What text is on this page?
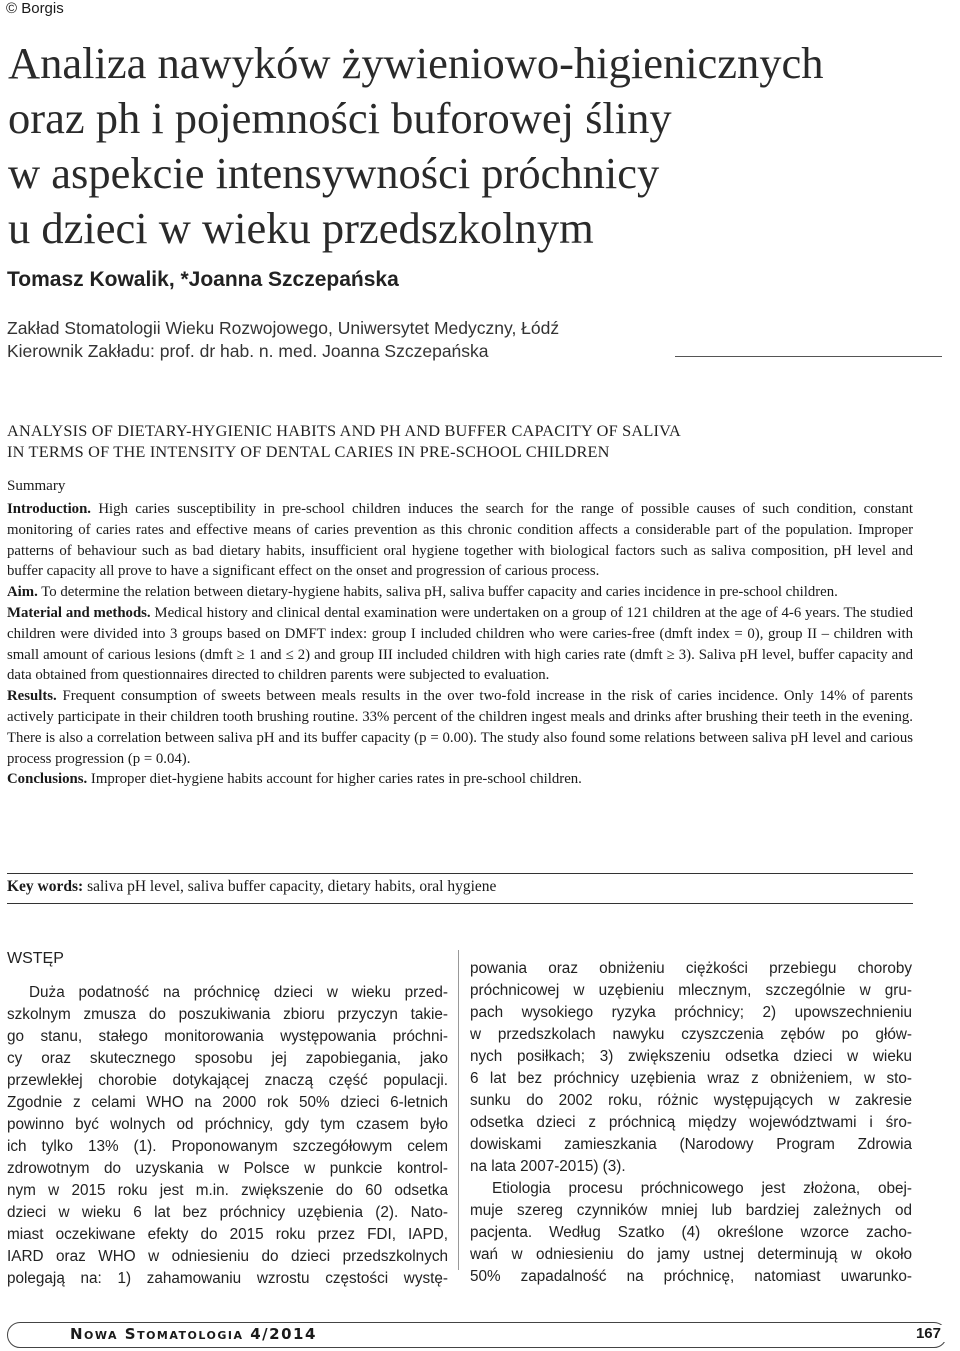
© Borgis
Analiza nawyków żywieniowo-higienicznych
oraz ph i pojemności buforowej śliny
w aspekcie intensywności próchnicy
u dzieci w wieku przedszkolnym
Tomasz Kowalik, *Joanna Szczepańska
Zakład Stomatologii Wieku Rozwojowego, Uniwersytet Medyczny, Łódź
Kierownik Zakładu: prof. dr hab. n. med. Joanna Szczepańska
ANALYSIS OF DIETARY-HYGIENIC HABITS AND PH AND BUFFER CAPACITY OF SALIVA
IN TERMS OF THE INTENSITY OF DENTAL CARIES IN PRE-SCHOOL CHILDREN
Summary

Introduction. High caries susceptibility in pre-school children induces the search for the range of possible causes of such condition, constant monitoring of caries rates and effective means of caries prevention as this chronic condition affects a considerable part of the population. Improper patterns of behaviour such as bad dietary habits, insufficient oral hygiene together with biological factors such as saliva composition, pH level and buffer capacity all prove to have a significant effect on the onset and progression of carious process.

Aim. To determine the relation between dietary-hygiene habits, saliva pH, saliva buffer capacity and caries incidence in pre-school children.

Material and methods. Medical history and clinical dental examination were undertaken on a group of 121 children at the age of 4-6 years. The studied children were divided into 3 groups based on DMFT index: group I included children who were caries-free (dmft index = 0), group II – children with small amount of carious lesions (dmft ≥ 1 and ≤ 2) and group III included children with high caries rate (dmft ≥ 3). Saliva pH level, buffer capacity and data obtained from questionnaires directed to children parents were subjected to evaluation.

Results. Frequent consumption of sweets between meals results in the over two-fold increase in the risk of caries incidence. Only 14% of parents actively participate in their children tooth brushing routine. 33% percent of the children ingest meals and drinks after brushing their teeth in the evening. There is also a correlation between saliva pH and its buffer capacity (p = 0.00). The study also found some relations between saliva pH level and carious process progression (p = 0.04).

Conclusions. Improper diet-hygiene habits account for higher caries rates in pre-school children.

Key words: saliva pH level, saliva buffer capacity, dietary habits, oral hygiene
WSTĘP
Duża podatność na próchnicę dzieci w wieku przed-
szkolnym zmusza do poszukiwania zbioru przyczyn takie-
go stanu, stałego monitorowania występowania próchni-
cy oraz skutecznego sposobu jej zapobiegania, jako
przewlekłej chorobie dotykającej znaczą część populacji.
Zgodnie z celami WHO na 2000 rok 50% dzieci 6-letnich
powinno być wolnych od próchnicy, gdy tym czasem było
ich tylko 13% (1). Proponowanym szczegółowym celem
zdrowotnym do uzyskania w Polsce w punkcie kontrol-
nym w 2015 roku jest m.in. zwiększenie do 60 odsetka
dzieci w wieku 6 lat bez próchnicy uzębienia (2). Nato-
miast oczekiwane efekty do 2015 roku przez FDI, IAPD,
IARD oraz WHO w odniesieniu do dzieci przedszkolnych
polegają na: 1) zahamowaniu wzrostu częstości wystę-
powania oraz obniżeniu ciężkości przebiegu choroby
próchnicowej w uzębieniu mlecznym, szczególnie w gru-
pach wysokiego ryzyka próchnicy; 2) upowszechnieniu
w przedszkolach nawyku czyszczenia zębów po głów-
nych posiłkach; 3) zwiększeniu odsetka dzieci w wieku
6 lat bez próchnicy uzębienia wraz z obniżeniem, w sto-
sunku do 2002 roku, różnic występujących w zakresie
odsetka dzieci z próchnicą między województwami i śro-
dowiskami zamieszkania (Narodowy Program Zdrowia
na lata 2007-2015) (3).
Etiologia procesu próchnicowego jest złożona, obej-
muje szereg czynników mniej lub bardziej zależnych od
pacjenta. Według Szatko (4) określone wzorce zacho-
wań w odniesieniu do jamy ustnej determinują w około
50% zapadalność na próchnicę, natomiast uwarunko-
Nowa Stomatologia 4/2014	167
